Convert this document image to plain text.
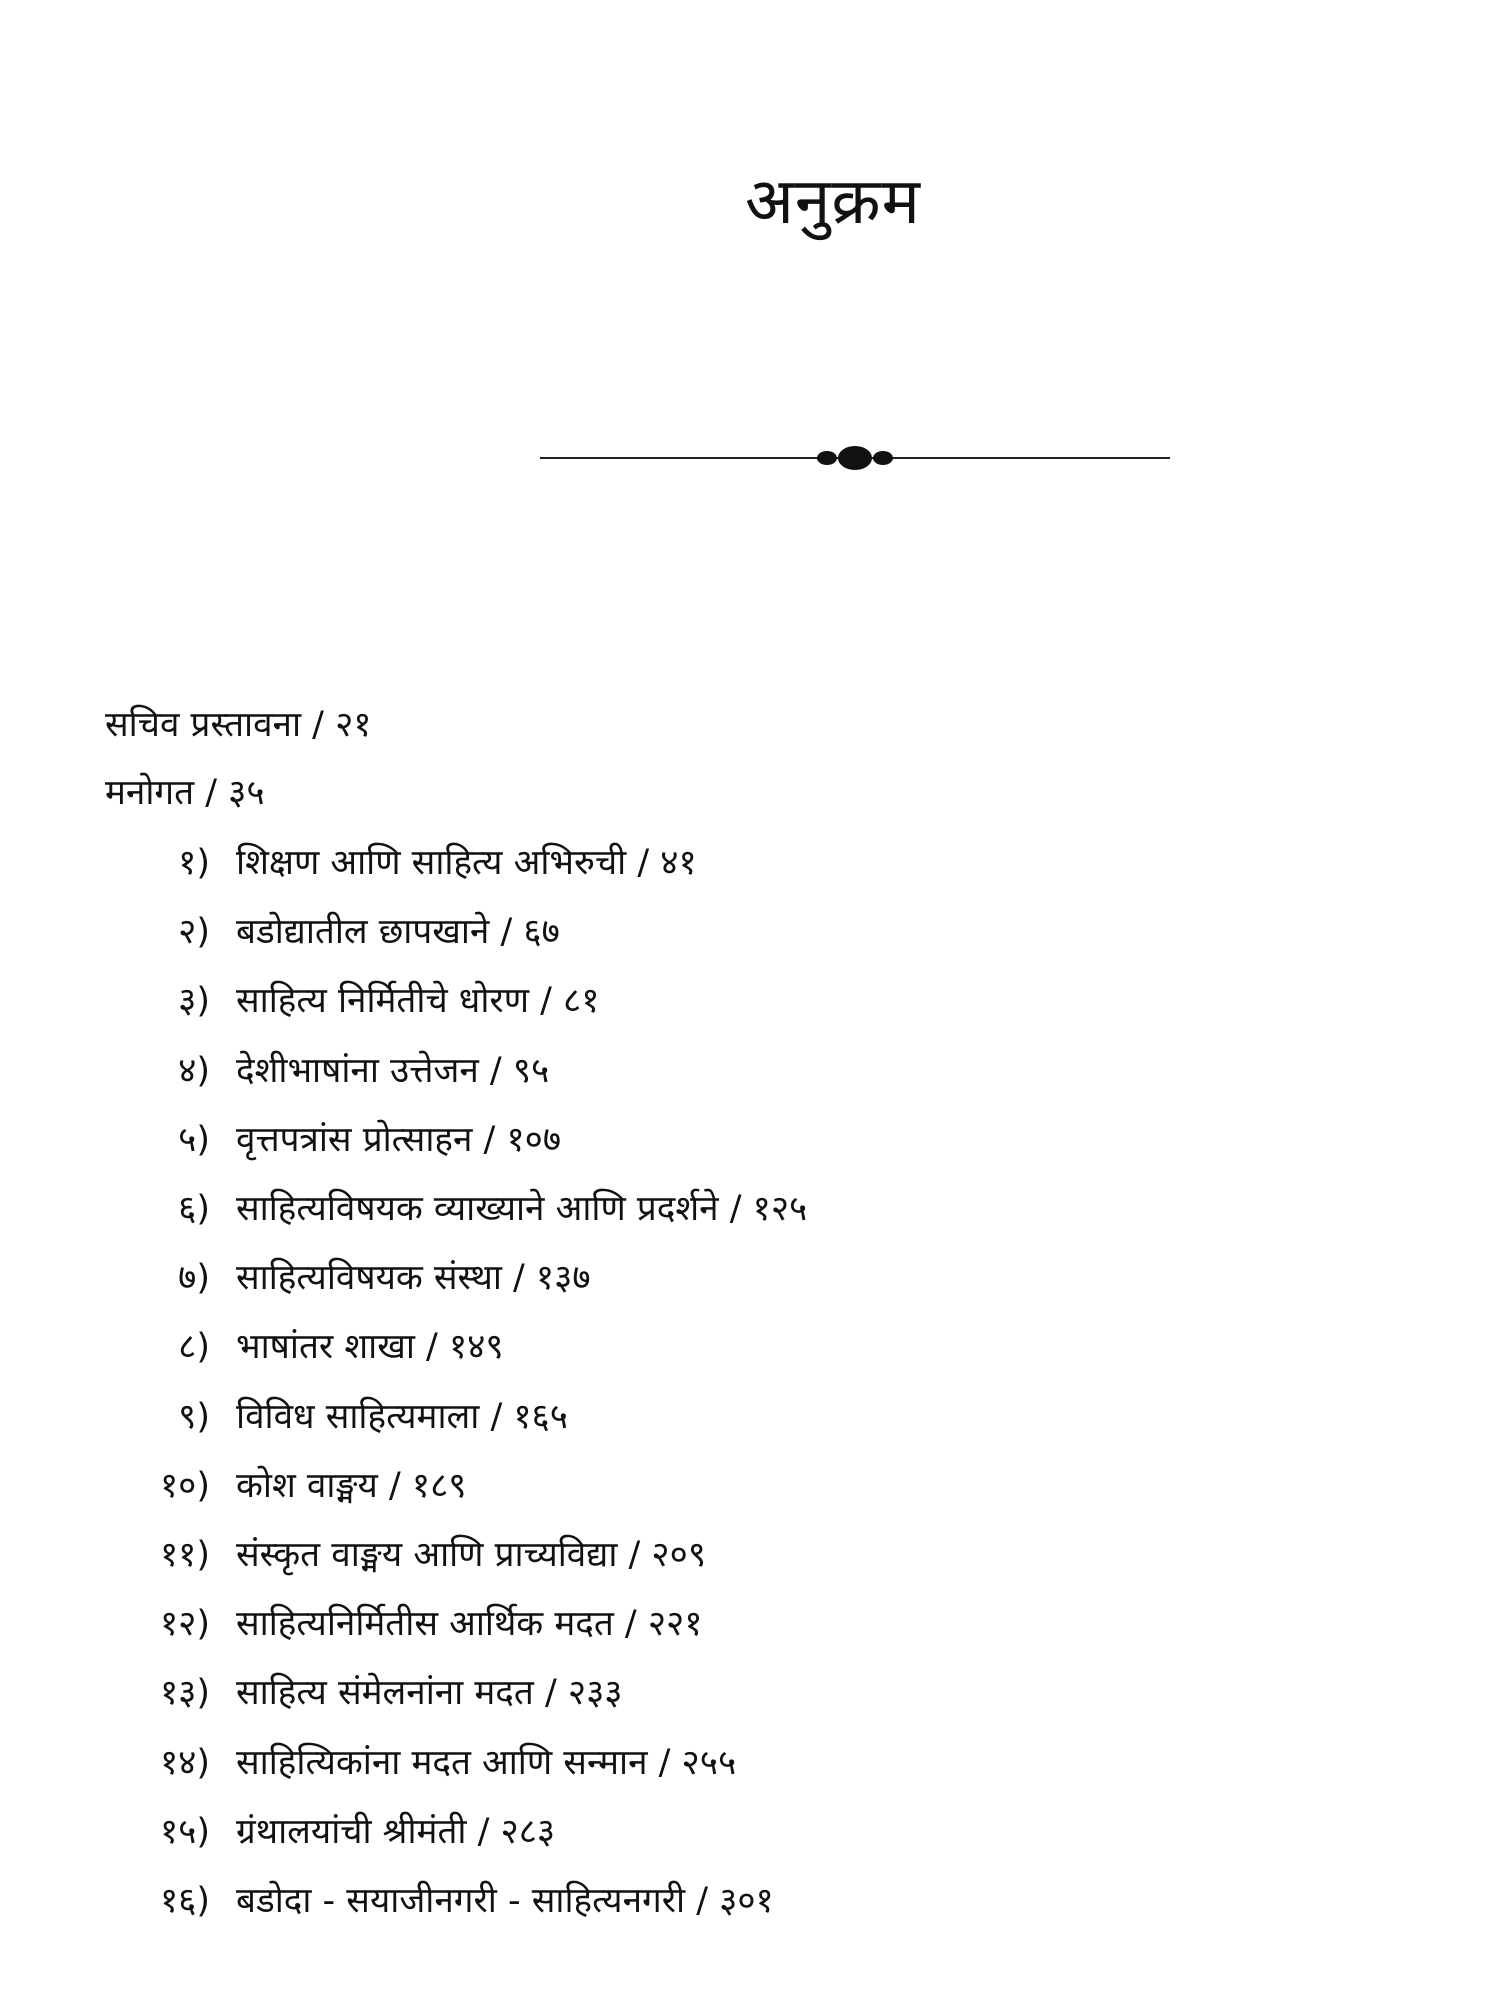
अनुक्रम
सचिव प्रस्तावना / २१
मनोगत / ३५
१) शिक्षण आणि साहित्य अभिरुची / ४१
२) बडोद्यातील छापखाने / ६७
३) साहित्य निर्मितीचे धोरण / ८१
४) देशीभाषांना उत्तेजन / ९५
५) वृत्तपत्रांस प्रोत्साहन / १०७
६) साहित्यविषयक व्याख्याने आणि प्रदर्शने / १२५
७) साहित्यविषयक संस्था / १३७
८) भाषांतर शाखा / १४९
९) विविध साहित्यमाला / १६५
१०) कोश वाङ्मय / १८९
११) संस्कृत वाङ्मय आणि प्राच्यविद्या / २०९
१२) साहित्यनिर्मितीस आर्थिक मदत / २२१
१३) साहित्य संमेलनांना मदत / २३३
१४) साहित्यिकांना मदत आणि सन्मान / २५५
१५) ग्रंथालयांची श्रीमंती / २८३
१६) बडोदा - सयाजीनगरी - साहित्यनगरी / ३०१
